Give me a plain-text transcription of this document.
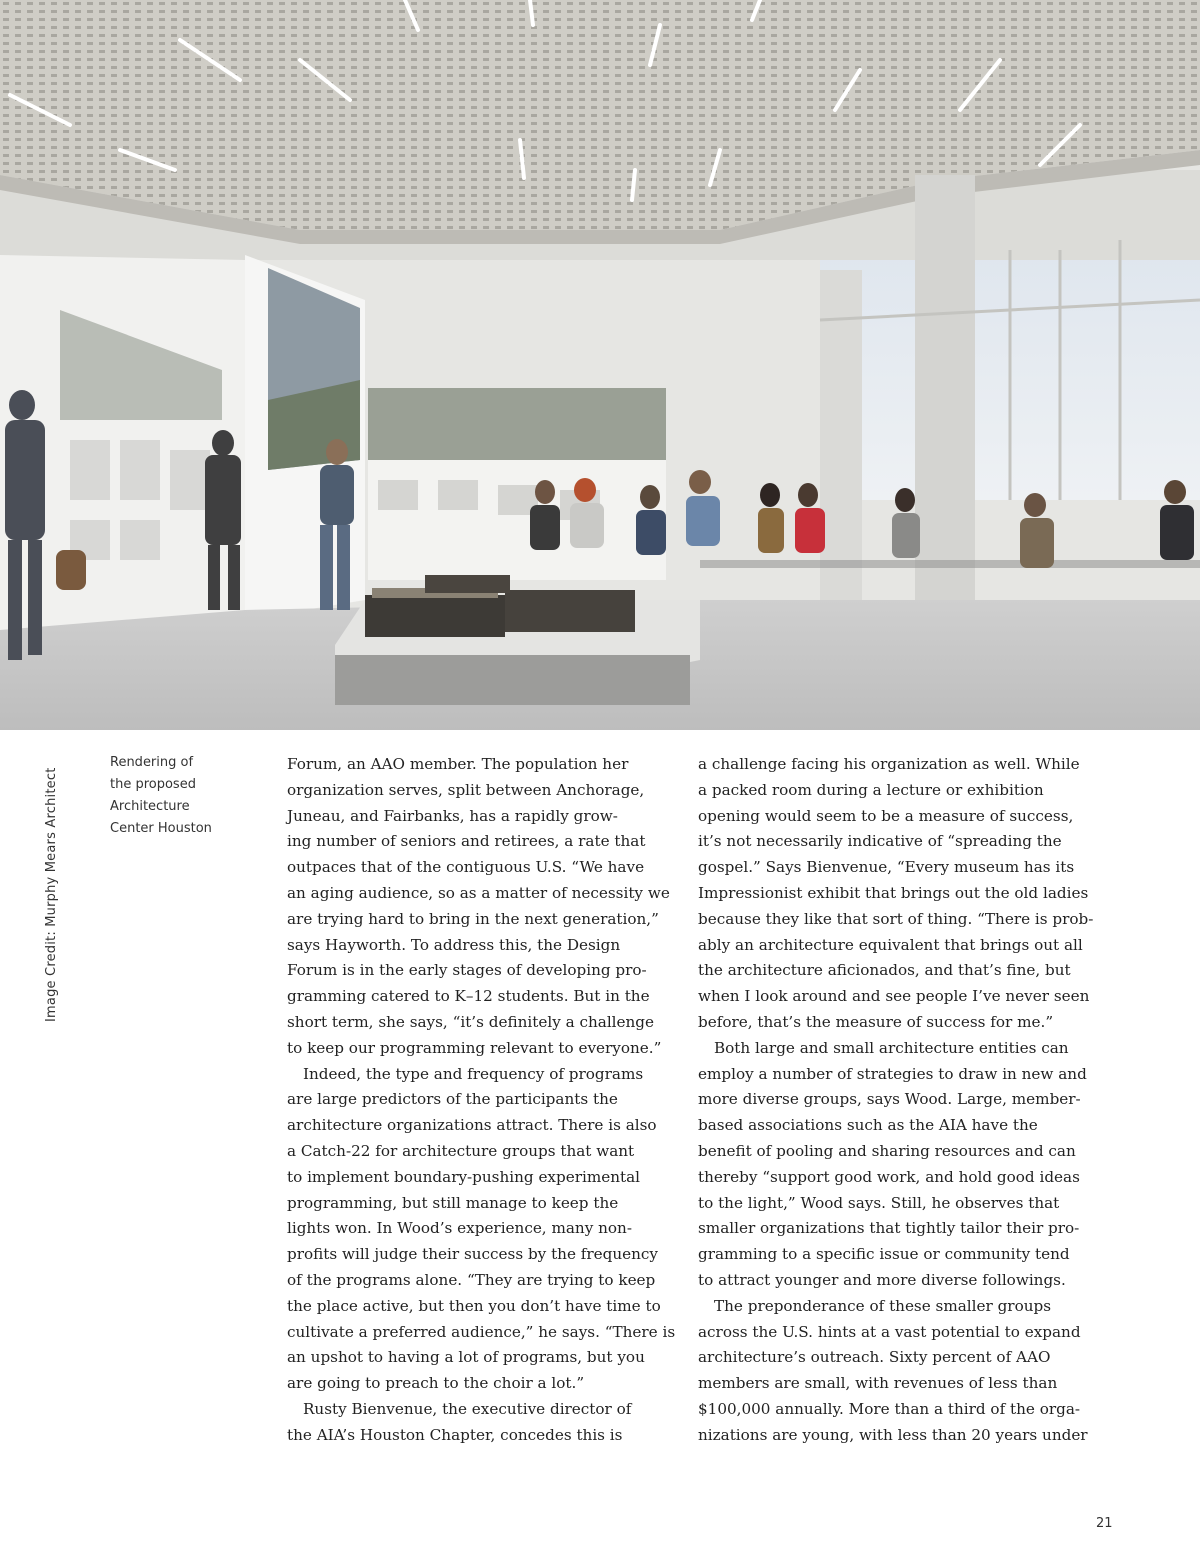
Image Credit: Murphy Mears Architect
Rendering of
the proposed
Architecture
Center Houston
Forum, an AAO member. The population her
organization serves, split between Anchorage,
Juneau, and Fairbanks, has a rapidly grow-
ing number of seniors and retirees, a rate that
outpaces that of the contiguous U.S. “We have
an aging audience, so as a matter of necessity we
are trying hard to bring in the next generation,”
says Hayworth. To address this, the Design
Forum is in the early stages of developing pro-
gramming catered to K–12 students. But in the
short term, she says, “it’s definitely a challenge
to keep our programming relevant to everyone.”
Indeed, the type and frequency of programs
are large predictors of the participants the
architecture organizations attract. There is also
a Catch-22 for architecture groups that want
to implement boundary-pushing experimental
programming, but still manage to keep the
lights won. In Wood’s experience, many non-
profits will judge their success by the frequency
of the programs alone. “They are trying to keep
the place active, but then you don’t have time to
cultivate a preferred audience,” he says. “There is
an upshot to having a lot of programs, but you
are going to preach to the choir a lot.”
Rusty Bienvenue, the executive director of
the AIA’s Houston Chapter, concedes this is
a challenge facing his organization as well. While
a packed room during a lecture or exhibition
opening would seem to be a measure of success,
it’s not necessarily indicative of “spreading the
gospel.” Says Bienvenue, “Every museum has its
Impressionist exhibit that brings out the old ladies
because they like that sort of thing. “There is prob-
ably an architecture equivalent that brings out all
the architecture aficionados, and that’s fine, but
when I look around and see people I’ve never seen
before, that’s the measure of success for me.”
Both large and small architecture entities can
employ a number of strategies to draw in new and
more diverse groups, says Wood. Large, member-
based associations such as the AIA have the
benefit of pooling and sharing resources and can
thereby “support good work, and hold good ideas
to the light,” Wood says. Still, he observes that
smaller organizations that tightly tailor their pro-
gramming to a specific issue or community tend
to attract younger and more diverse followings.
The preponderance of these smaller groups
across the U.S. hints at a vast potential to expand
architecture’s outreach. Sixty percent of AAO
members are small, with revenues of less than
$100,000 annually. More than a third of the orga-
nizations are young, with less than 20 years under
21
